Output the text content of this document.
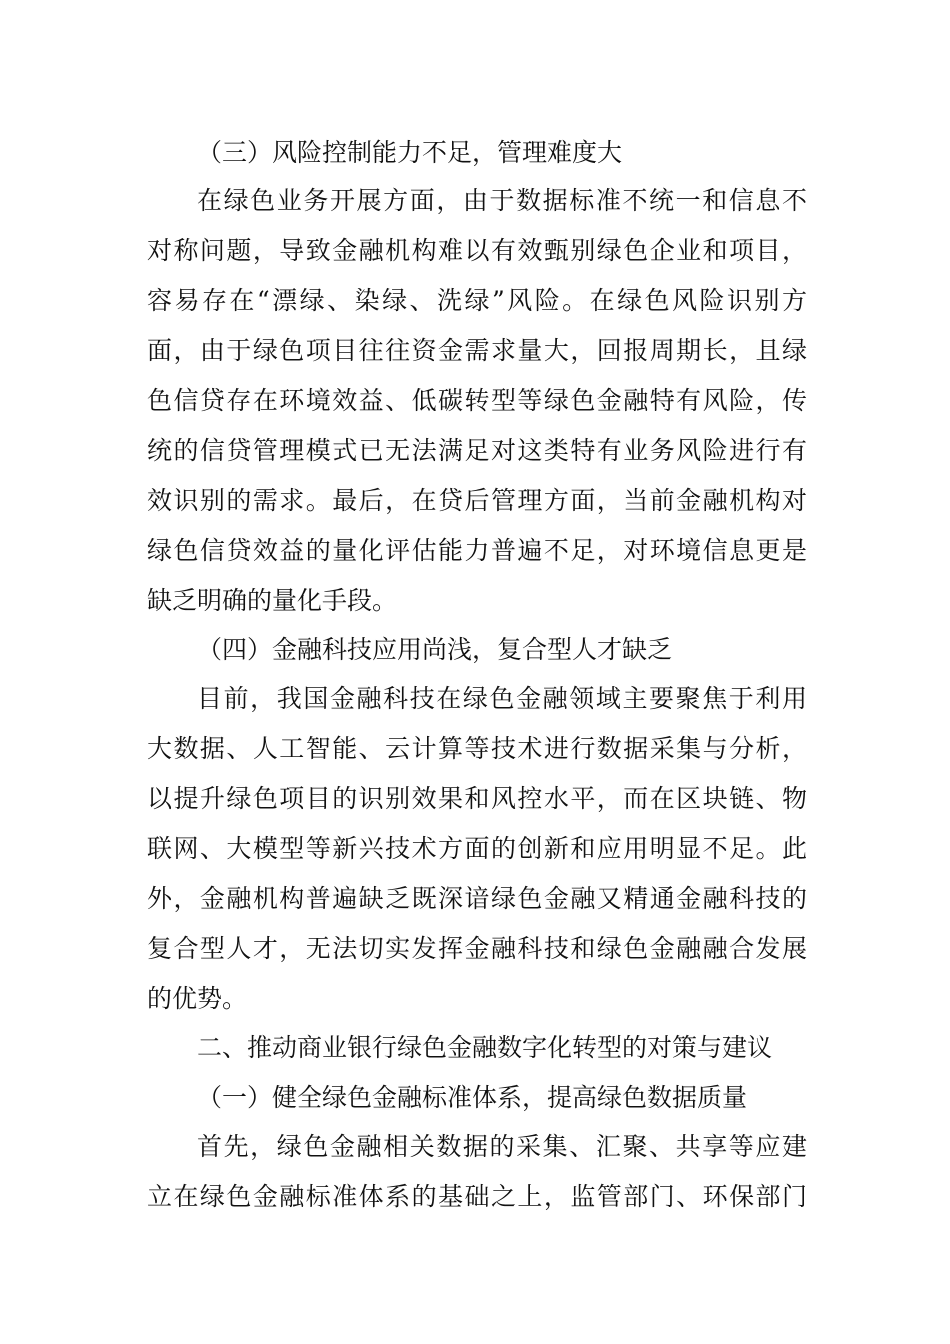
（三）风险控制能力不足，管理难度大
在绿色业务开展方面，由于数据标准不统一和信息不
对称问题，导致金融机构难以有效甄别绿色企业和项目，
容易存在“漂绿、染绿、洗绿”风险。在绿色风险识别方
面，由于绿色项目往往资金需求量大，回报周期长，且绿
色信贷存在环境效益、低碳转型等绿色金融特有风险，传
统的信贷管理模式已无法满足对这类特有业务风险进行有
效识别的需求。最后，在贷后管理方面，当前金融机构对
绿色信贷效益的量化评估能力普遍不足，对环境信息更是
缺乏明确的量化手段。
（四）金融科技应用尚浅，复合型人才缺乏
目前，我国金融科技在绿色金融领域主要聚焦于利用
大数据、人工智能、云计算等技术进行数据采集与分析，
以提升绿色项目的识别效果和风控水平，而在区块链、物
联网、大模型等新兴技术方面的创新和应用明显不足。此
外，金融机构普遍缺乏既深谙绿色金融又精通金融科技的
复合型人才，无法切实发挥金融科技和绿色金融融合发展
的优势。
二、推动商业银行绿色金融数字化转型的对策与建议
（一）健全绿色金融标准体系，提高绿色数据质量
首先，绿色金融相关数据的采集、汇聚、共享等应建
立在绿色金融标准体系的基础之上，监管部门、环保部门
